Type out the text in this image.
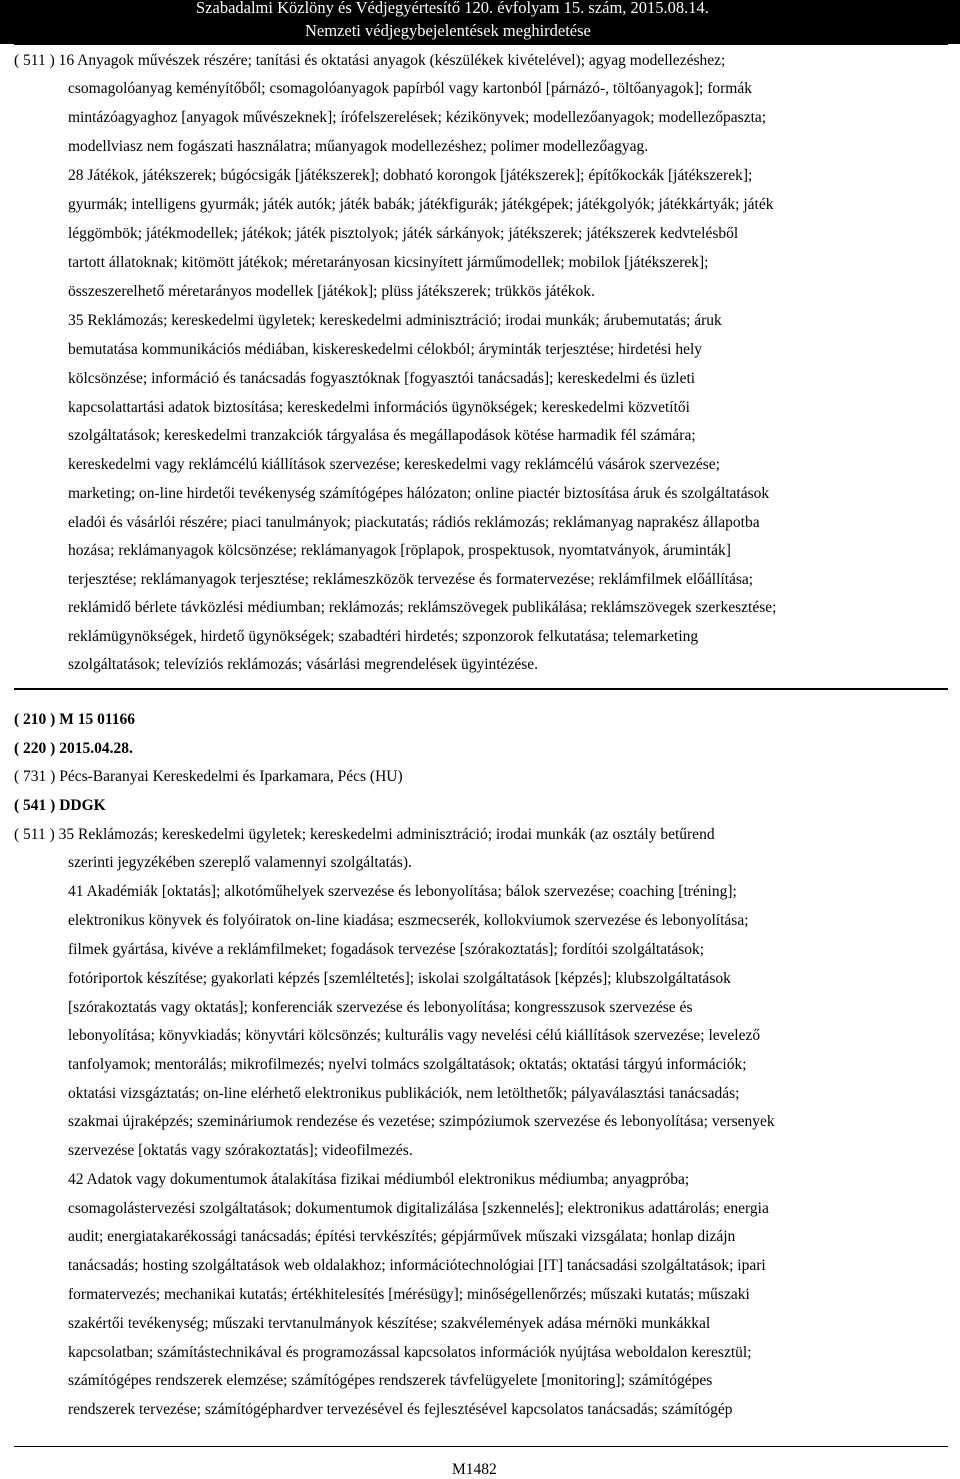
Szabadalmi Közlöny és Védjegyértesítő 120. évfolyam 15. szám, 2015.08.14.
Nemzeti védjegybejelentések meghirdetése
( 511 ) 16 Anyagok művészek részére; tanítási és oktatási anyagok (készülékek kivételével); agyag modellezéshez;
csomagolóanyag keményítőből; csomagolóanyagok papírból vagy kartonból [párnázó-, töltőanyagok]; formák
mintázóagyaghoz [anyagok művészeknek]; írófelszerelések; kézikönyvek; modellezőanyagok; modellezőpaszta;
modellviasz nem fogászati használatra; műanyagok modellezéshez; polimer modellezőagyag.
28 Játékok, játékszerek; búgócsigák [játékszerek]; dobható korongok [játékszerek]; építőkockák [játékszerek];
gyurmák; intelligens gyurmák; játék autók; játék babák; játékfigurák; játékgépek; játékgolyók; játékkártyák; játék
léggömbök; játékmodellek; játékok; játék pisztolyok; játék sárkányok; játékszerek; játékszerek kedvtelésből
tartott állatoknak; kitömött játékok; méretarányosan kicsinyített járműmodellek; mobilok [játékszerek];
összeszerelhető méretarányos modellek [játékok]; plüss játékszerek; trükkös játékok.
35 Reklámozás; kereskedelmi ügyletek; kereskedelmi adminisztráció; irodai munkák; árubemutatás; áruk
bemutatása kommunikációs médiában, kiskereskedelmi célokból; árуminták terjesztése; hirdetési hely
kölcsönzése; információ és tanácsadás fogyasztóknak [fogyasztói tanácsadás]; kereskedelmi és üzleti
kapcsolattartási adatok biztosítása; kereskedelmi információs ügynökségek; kereskedelmi közvetítői
szolgáltatások; kereskedelmi tranzakciók tárgyalása és megállapodások kötése harmadik fél számára;
kereskedelmi vagy reklámcélú kiállítások szervezése; kereskedelmi vagy reklámcélú vásárok szervezése;
marketing; on-line hirdetői tevékenység számítógépes hálózaton; online piactér biztosítása áruk és szolgáltatások
eladói és vásárlói részére; piaci tanulmányok; piackutatás; rádiós reklámozás; reklámanyag naprakész állapotba
hozása; reklámanyagok kölcsönzése; reklámanyagok [röplapok, prospektusok, nyomtatványok, áruminták]
terjesztése; reklámanyagok terjesztése; reklámeszközök tervezése és formatervezése; reklámfilmek előállítása;
reklámidő bérlete távközlési médiumban; reklámozás; reklámszövegek publikálása; reklámszövegek szerkesztése;
reklámügynökségek, hirdető ügynökségek; szabadtéri hirdetés; szponzorok felkutatása; telemarketing
szolgáltatások; televíziós reklámozás; vásárlási megrendelések ügyintézése.
( 210 ) M 15 01166
( 220 ) 2015.04.28.
( 731 ) Pécs-Baranyai Kereskedelmi és Iparkamara, Pécs (HU)
( 541 ) DDGK
( 511 ) 35 Reklámozás; kereskedelmi ügyletek; kereskedelmi adminisztráció; irodai munkák (az osztály betűrend
szerinti jegyzékében szereplő valamennyi szolgáltatás).
41 Akadémiák [oktatás]; alkotóműhelyek szervezése és lebonyolítása; bálok szervezése; coaching [tréning];
elektronikus könyvek és folyóiratok on-line kiadása; eszmecserék, kollokviumok szervezése és lebonyolítása;
filmek gyártása, kivéve a reklámfilmeket; fogadások tervezése [szórakoztatás]; fordítói szolgáltatások;
fotóriportok készítése; gyakorlati képzés [szemléltetés]; iskolai szolgáltatások [képzés]; klubszolgáltatások
[szórakoztatás vagy oktatás]; konferenciák szervezése és lebonyolítása; kongresszusok szervezése és
lebonyolítása; könyvkiadás; könyvtári kölcsönzés; kulturális vagy nevelési célú kiállítások szervezése; levelező
tanfolyamok; mentorálás; mikrofilmezés; nyelvi tolmács szolgáltatások; oktatás; oktatási tárgyú információk;
oktatási vizsgáztatás; on-line elérhető elektronikus publikációk, nem letölthetők; pályaválasztási tanácsadás;
szakmai újraképzés; szemináriumok rendezése és vezetése; szimpóziumok szervezése és lebonyolítása; versenyek
szervezése [oktatás vagy szórakoztatás]; videofilmezés.
42 Adatok vagy dokumentumok átalakítása fizikai médiumból elektronikus médiumba; anyagpróba;
csomagolástervezési szolgáltatások; dokumentumok digitalizálása [szkennelés]; elektronikus adattárolás; energia
audit; energiatakarékossági tanácsadás; építési tervkészítés; gépjárművek műszaki vizsgálata; honlap dizájn
tanácsadás; hosting szolgáltatások web oldalakhoz; információtechnológiai [IT] tanácsadási szolgáltatások; ipari
formatervezés; mechanikai kutatás; értékhitelesítés [mérésügy]; minőségellenőrzés; műszaki kutatás; műszaki
szakértői tevékenység; műszaki tervtanulmányok készítése; szakvélemények adása mérnöki munkákkal
kapcsolatban; számítástechnikával és programozással kapcsolatos információk nyújtása weboldalon keresztül;
számítógépes rendszerek elemzése; számítógépes rendszerek távfelügyelete [monitoring]; számítógépes
rendszerek tervezése; számítógéphardver tervezésével és fejlesztésével kapcsolatos tanácsadás; számítógép
M1482
